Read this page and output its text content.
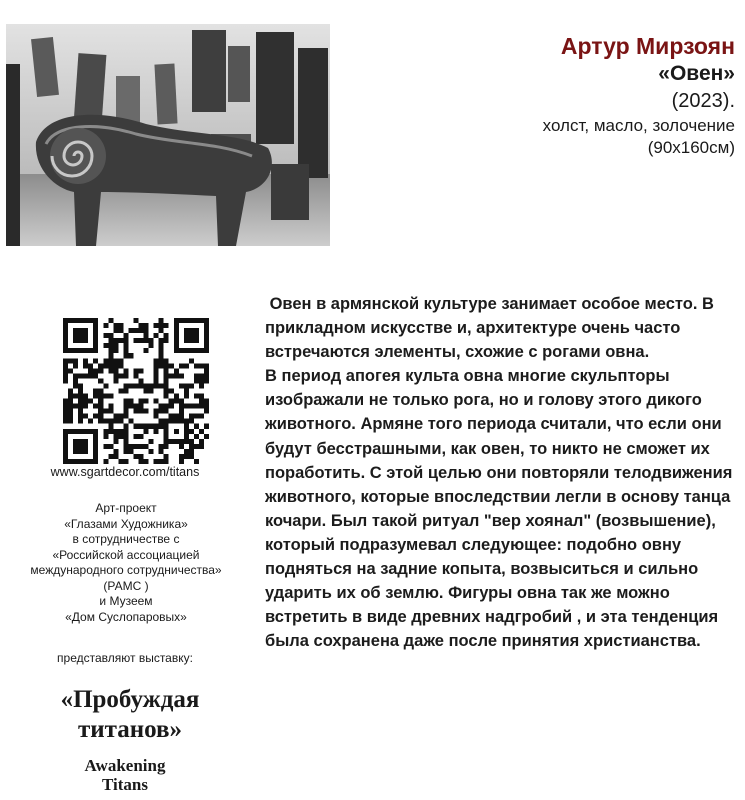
Артур Мирзоян
«Овен»
(2023).
холст, масло, золочение
(90x160см)
www.sgartdecor.com/titans
Арт-проект
«Глазами Художника»
в сотрудничестве с
«Российской ассоциацией
международного сотрудничества»
(РАМС )
и Музеем
«Дом Суслопаровых»
представляют выставку:
«Пробуждая
титанов»
Awakening
Titans

Овен в армянской культуре занимает особое место. В прикладном искусстве и, архитектуре очень часто встречаются элементы, схожие с рогами овна.

В период апогея культа овна многие скульпторы изображали не только рога, но и голову этого дикого животного. Армяне того периода считали, что если они будут бесстрашными, как овен, то никто не сможет их поработить. С этой целью они повторяли телодвижения животного, которые впоследствии легли в основу танца кочари. Был такой ритуал "вер хоянал" (возвышение), который подразумевал следующее: подобно овну подняться на задние копыта, возвыситься и сильно ударить их об землю. Фигуры овна так же можно встретить в виде древних надгробий , и эта тенденция была сохранена даже после принятия христианства.
